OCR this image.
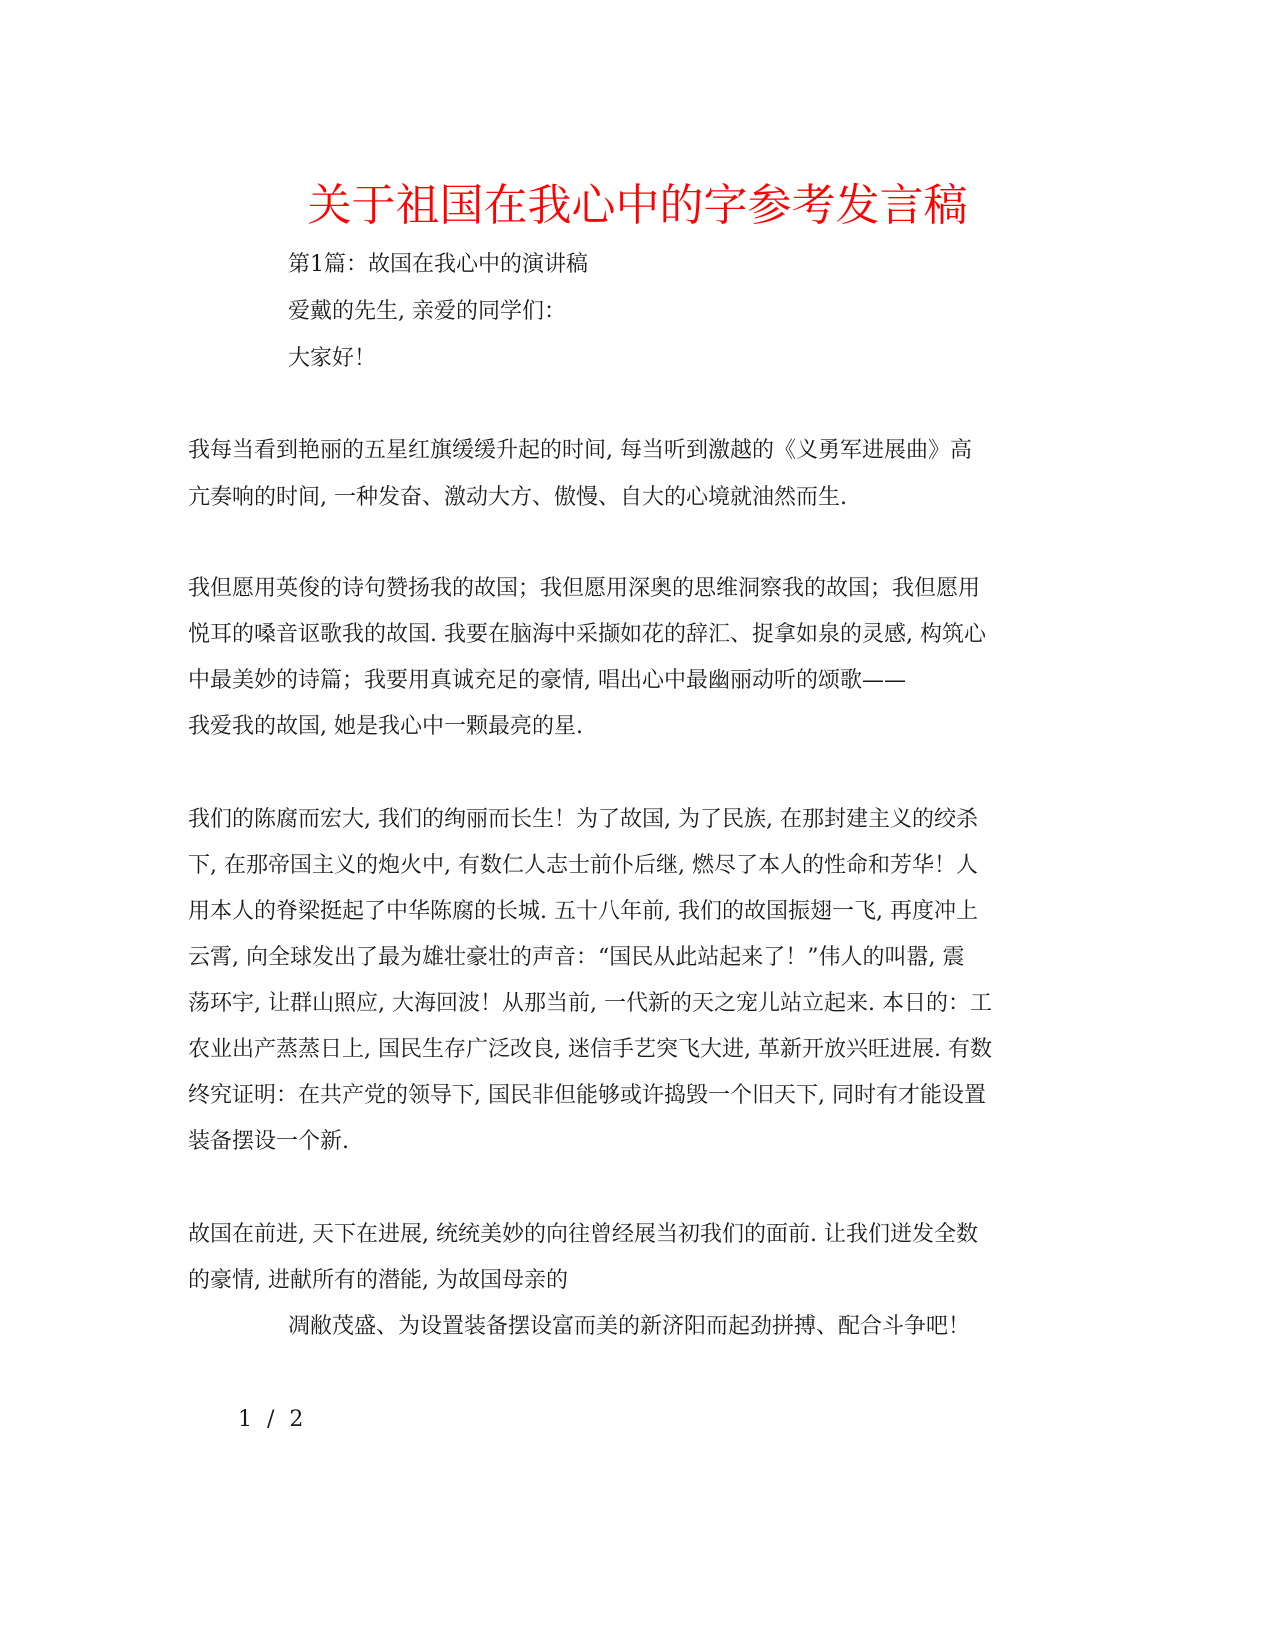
关于祖国在我心中的字参考发言稿

第1篇：故国在我心中的演讲稿

爱戴的先生, 亲爱的同学们：

大家好！

我每当看到艳丽的五星红旗缓缓升起的时间, 每当听到激越的《义勇军进展曲》高

亢奏响的时间, 一种发奋、激动大方、傲慢、自大的心境就油然而生.

我但愿用英俊的诗句赞扬我的故国；我但愿用深奥的思维洞察我的故国；我但愿用

悦耳的嗓音讴歌我的故国. 我要在脑海中采撷如花的辞汇、捉拿如泉的灵感, 构筑心

中最美妙的诗篇；我要用真诚充足的豪情, 唱出心中最幽丽动听的颂歌——

我爱我的故国, 她是我心中一颗最亮的星.

我们的陈腐而宏大, 我们的绚丽而长生！为了故国, 为了民族, 在那封建主义的绞杀

下, 在那帝国主义的炮火中, 有数仁人志士前仆后继, 燃尽了本人的性命和芳华！人

用本人的脊梁挺起了中华陈腐的长城. 五十八年前, 我们的故国振翅一飞, 再度冲上

云霄, 向全球发出了最为雄壮豪壮的声音：“国民从此站起来了！”伟人的叫嚣, 震

荡环宇, 让群山照应, 大海回波！从那当前, 一代新的天之宠儿站立起来. 本日的：工

农业出产蒸蒸日上, 国民生存广泛改良, 迷信手艺突飞大进, 革新开放兴旺进展. 有数

终究证明：在共产党的领导下, 国民非但能够或许捣毁一个旧天下, 同时有才能设置

装备摆设一个新.

故国在前进, 天下在进展, 统统美妙的向往曾经展当初我们的面前. 让我们迸发全数

的豪情, 进献所有的潜能, 为故国母亲的

凋敝茂盛、为设置装备摆设富而美的新济阳而起劲拼搏、配合斗争吧！

1 / 2
